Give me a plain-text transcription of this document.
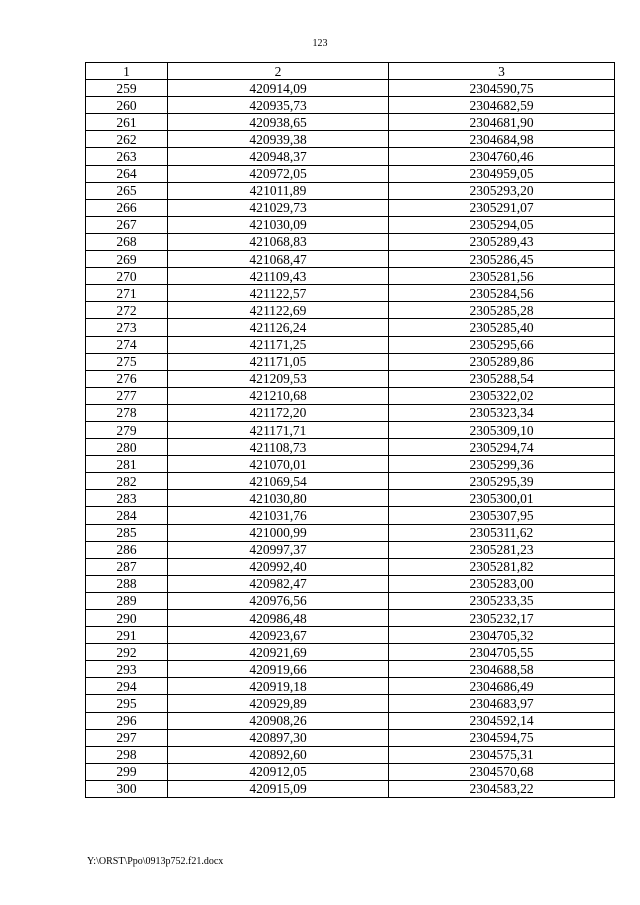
123
1	2	3
259	420914,09	2304590,75
260	420935,73	2304682,59
261	420938,65	2304681,90
262	420939,38	2304684,98
263	420948,37	2304760,46
264	420972,05	2304959,05
265	421011,89	2305293,20
266	421029,73	2305291,07
267	421030,09	2305294,05
268	421068,83	2305289,43
269	421068,47	2305286,45
270	421109,43	2305281,56
271	421122,57	2305284,56
272	421122,69	2305285,28
273	421126,24	2305285,40
274	421171,25	2305295,66
275	421171,05	2305289,86
276	421209,53	2305288,54
277	421210,68	2305322,02
278	421172,20	2305323,34
279	421171,71	2305309,10
280	421108,73	2305294,74
281	421070,01	2305299,36
282	421069,54	2305295,39
283	421030,80	2305300,01
284	421031,76	2305307,95
285	421000,99	2305311,62
286	420997,37	2305281,23
287	420992,40	2305281,82
288	420982,47	2305283,00
289	420976,56	2305233,35
290	420986,48	2305232,17
291	420923,67	2304705,32
292	420921,69	2304705,55
293	420919,66	2304688,58
294	420919,18	2304686,49
295	420929,89	2304683,97
296	420908,26	2304592,14
297	420897,30	2304594,75
298	420892,60	2304575,31
299	420912,05	2304570,68
300	420915,09	2304583,22
Y:\ORST\Ppo\0913p752.f21.docx
